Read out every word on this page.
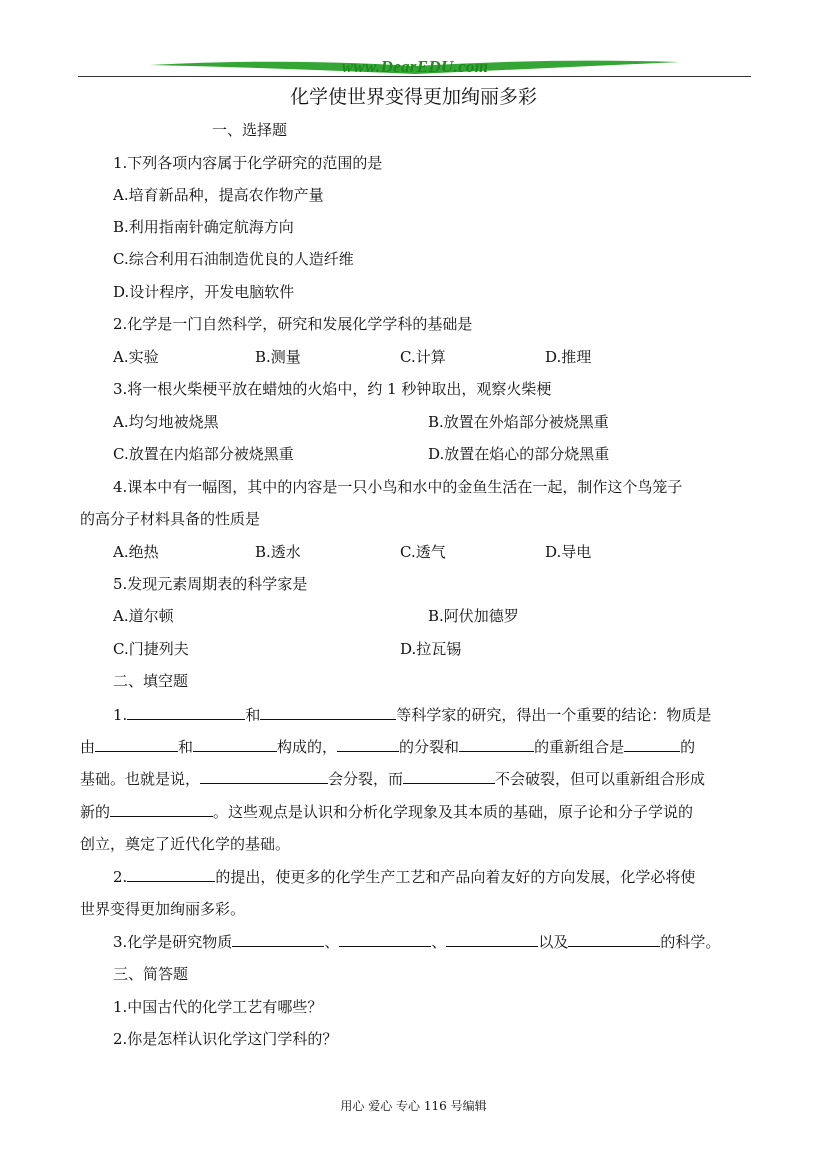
www.DearEDU.com
化学使世界变得更加绚丽多彩
一、选择题
1.下列各项内容属于化学研究的范围的是
A.培育新品种，提高农作物产量
B.利用指南针确定航海方向
C.综合利用石油制造优良的人造纤维
D.设计程序，开发电脑软件
2.化学是一门自然科学，研究和发展化学学科的基础是
A.实验	B.测量	C.计算	D.推理
3.将一根火柴梗平放在蜡烛的火焰中，约 1 秒钟取出，观察火柴梗
A.均匀地被烧黑	B.放置在外焰部分被烧黑重
C.放置在内焰部分被烧黑重	D.放置在焰心的部分烧黑重
4.课本中有一幅图，其中的内容是一只小鸟和水中的金鱼生活在一起，制作这个鸟笼子
的高分子材料具备的性质是
A.绝热	B.透水	C.透气	D.导电
5.发现元素周期表的科学家是
A.道尔顿	B.阿伏加德罗
C.门捷列夫	D.拉瓦锡
二、填空题
1.	和	等科学家的研究，得出一个重要的结论：物质是
由	和	构成的，	的分裂和	的重新组合是	的
基础。也就是说，	会分裂，而	不会破裂，但可以重新组合形成
新的	。这些观点是认识和分析化学现象及其本质的基础，原子论和分子学说的
创立，奠定了近代化学的基础。
2.	的提出，使更多的化学生产工艺和产品向着友好的方向发展，化学必将使
世界变得更加绚丽多彩。
3.化学是研究物质	、	、	以及	的科学。
三、简答题
1.中国古代的化学工艺有哪些？
2.你是怎样认识化学这门学科的？
用心 爱心 专心 116 号编辑
